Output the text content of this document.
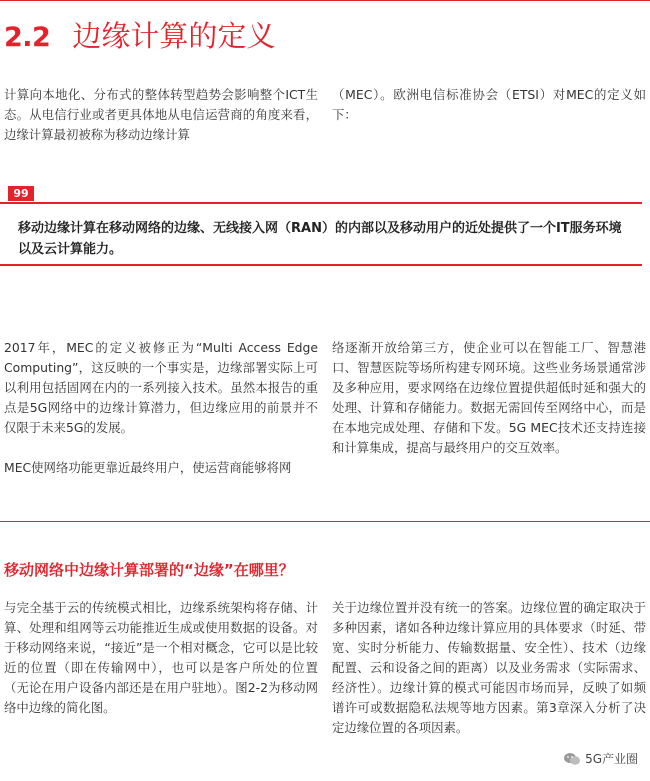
2.2 边缘计算的定义

计算向本地化、分布式的整体转型趋势会影响整个ICT生态。从电信行业或者更具体地从电信运营商的角度来看，边缘计算最初被称为移动边缘计算

（MEC）。欧洲电信标准协会（ETSI）对MEC的定义如下：

99
移动边缘计算在移动网络的边缘、无线接入网（RAN）的内部以及移动用户的近处提供了一个IT服务环境以及云计算能力。

2017年，MEC的定义被修正为“Multi Access Edge Computing”，这反映的一个事实是，边缘部署实际上可以利用包括固网在内的一系列接入技术。虽然本报告的重点是5G网络中的边缘计算潜力，但边缘应用的前景并不仅限于未来5G的发展。

MEC使网络功能更靠近最终用户，使运营商能够将网

络逐渐开放给第三方，使企业可以在智能工厂、智慧港口、智慧医院等场所构建专网环境。这些业务场景通常涉及多种应用，要求网络在边缘位置提供超低时延和强大的处理、计算和存储能力。数据无需回传至网络中心，而是在本地完成处理、存储和下发。5G MEC技术还支持连接和计算集成，提高与最终用户的交互效率。

移动网络中边缘计算部署的“边缘”在哪里？

与完全基于云的传统模式相比，边缘系统架构将存储、计算、处理和组网等云功能推近生成或使用数据的设备。对于移动网络来说，“接近”是一个相对概念，它可以是比较近的位置（即在传输网中），也可以是客户所处的位置（无论在用户设备内部还是在用户驻地）。图2-2为移动网络中边缘的简化图。

关于边缘位置并没有统一的答案。边缘位置的确定取决于多种因素，诸如各种边缘计算应用的具体要求（时延、带宽、实时分析能力、传输数据量、安全性）、技术（边缘配置、云和设备之间的距离）以及业务需求（实际需求、经济性）。边缘计算的模式可能因市场而异，反映了如频谱许可或数据隐私法规等地方因素。第3章深入分析了决定边缘位置的各项因素。

5G产业圈
